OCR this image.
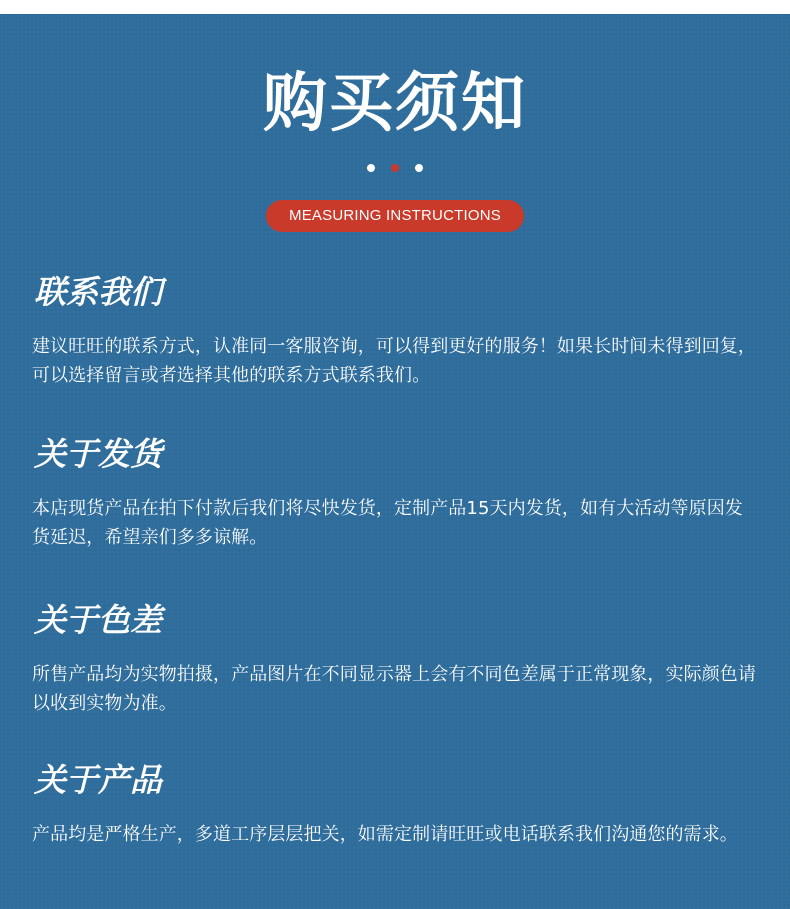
购买须知
MEASURING INSTRUCTIONS
联系我们
建议旺旺的联系方式，认准同一客服咨询，可以得到更好的服务！如果长时间未得到回复，可以选择留言或者选择其他的联系方式联系我们。
关于发货
本店现货产品在拍下付款后我们将尽快发货，定制产品15天内发货，如有大活动等原因发货延迟，希望亲们多多谅解。
关于色差
所售产品均为实物拍摄，产品图片在不同显示器上会有不同色差属于正常现象，实际颜色请以收到实物为准。
关于产品
产品均是严格生产，多道工序层层把关，如需定制请旺旺或电话联系我们沟通您的需求。
